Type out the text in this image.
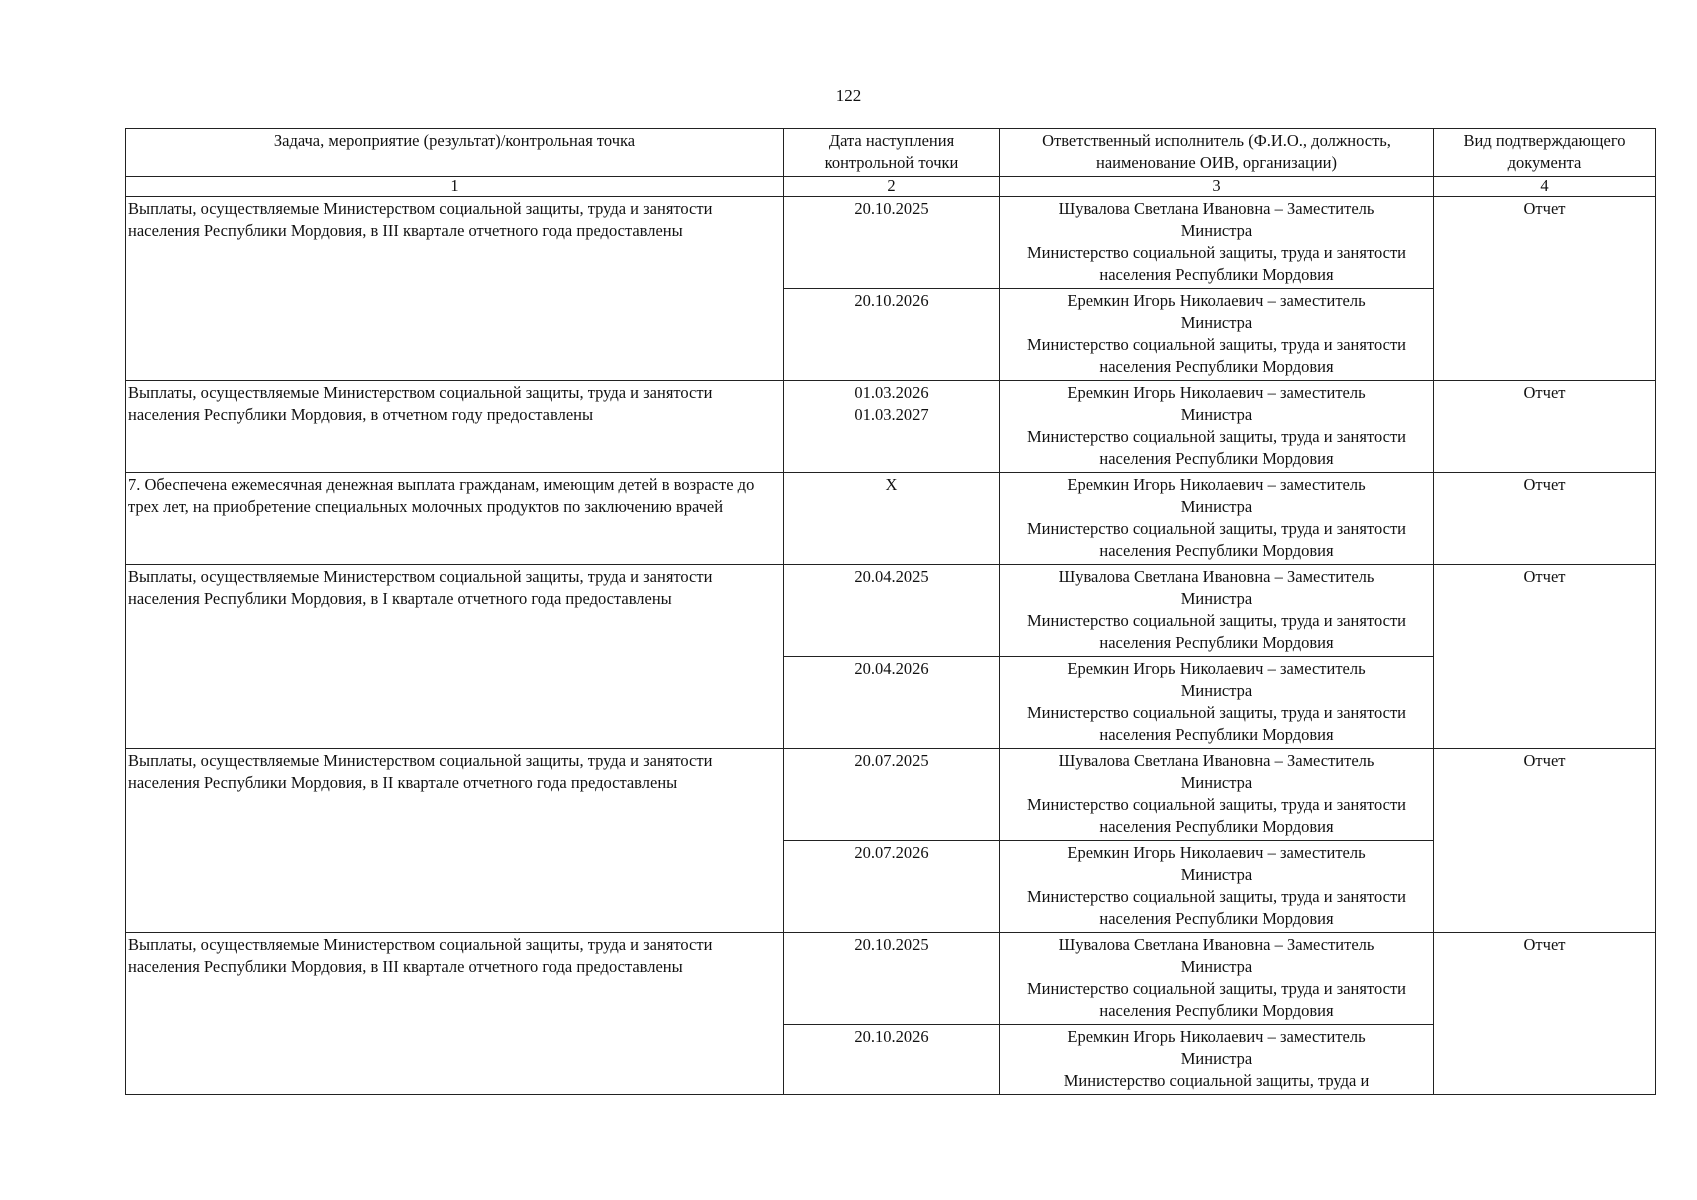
122
Задача, мероприятие (результат)/контрольная точка	Дата наступления контрольной точки	Ответственный исполнитель (Ф.И.О., должность, наименование ОИВ, организации)	Вид подтверждающего документа
1	2	3	4
Выплаты, осуществляемые Министерством социальной защиты, труда и занятости населения Республики Мордовия, в III квартале отчетного года предоставлены	20.10.2025	Шувалова Светлана Ивановна – Заместитель
Министра
Министерство социальной защиты, труда и занятости населения Республики Мордовия	Отчет

	20.10.2026	Еремкин Игорь Николаевич – заместитель
Министра
Министерство социальной защиты, труда и занятости населения Республики Мордовия	

Выплаты, осуществляемые Министерством социальной защиты, труда и занятости населения Республики Мордовия, в отчетном году предоставлены	01.03.2026
01.03.2027	Еремкин Игорь Николаевич – заместитель
Министра
Министерство социальной защиты, труда и занятости населения Республики Мордовия	Отчет
7. Обеспечена ежемесячная денежная выплата гражданам, имеющим детей в возрасте до трех лет, на приобретение специальных молочных продуктов по заключению врачей	X	Еремкин Игорь Николаевич – заместитель
Министра
Министерство социальной защиты, труда и занятости населения Республики Мордовия	Отчет
Выплаты, осуществляемые Министерством социальной защиты, труда и занятости населения Республики Мордовия, в I квартале отчетного года предоставлены	20.04.2025	Шувалова Светлана Ивановна – Заместитель
Министра
Министерство социальной защиты, труда и занятости населения Республики Мордовия	Отчет

	20.04.2026	Еремкин Игорь Николаевич – заместитель
Министра
Министерство социальной защиты, труда и занятости населения Республики Мордовия	

Выплаты, осуществляемые Министерством социальной защиты, труда и занятости населения Республики Мордовия, в II квартале отчетного года предоставлены	20.07.2025	Шувалова Светлана Ивановна – Заместитель
Министра
Министерство социальной защиты, труда и занятости населения Республики Мордовия	Отчет

	20.07.2026	Еремкин Игорь Николаевич – заместитель
Министра
Министерство социальной защиты, труда и занятости населения Республики Мордовия	

Выплаты, осуществляемые Министерством социальной защиты, труда и занятости населения Республики Мордовия, в III квартале отчетного года предоставлены	20.10.2025	Шувалова Светлана Ивановна – Заместитель
Министра
Министерство социальной защиты, труда и занятости населения Республики Мордовия	Отчет

	20.10.2026	Еремкин Игорь Николаевич – заместитель
Министра
Министерство социальной защиты, труда и	
